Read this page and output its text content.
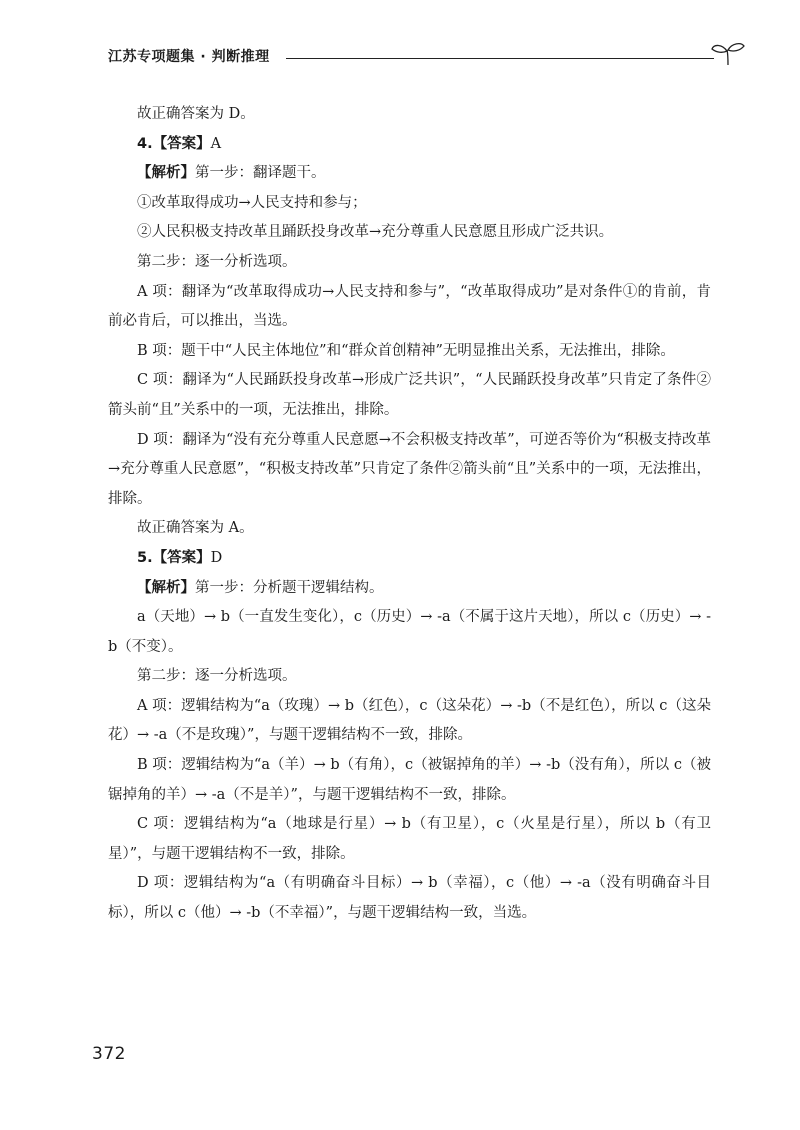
江苏专项题集 · 判断推理

故正确答案为 D。

4.【答案】A

【解析】第一步：翻译题干。

①改革取得成功→人民支持和参与；

②人民积极支持改革且踊跃投身改革→充分尊重人民意愿且形成广泛共识。

第二步：逐一分析选项。

A 项：翻译为“改革取得成功→人民支持和参与”，“改革取得成功”是对条件①的肯前，肯前必肯后，可以推出，当选。

B 项：题干中“人民主体地位”和“群众首创精神”无明显推出关系，无法推出，排除。

C 项：翻译为“人民踊跃投身改革→形成广泛共识”，“人民踊跃投身改革”只肯定了条件②箭头前“且”关系中的一项，无法推出，排除。

D 项：翻译为“没有充分尊重人民意愿→不会积极支持改革”，可逆否等价为“积极支持改革→充分尊重人民意愿”，“积极支持改革”只肯定了条件②箭头前“且”关系中的一项，无法推出，排除。

故正确答案为 A。

5.【答案】D

【解析】第一步：分析题干逻辑结构。

a（天地）→ b（一直发生变化），c（历史）→ -a（不属于这片天地），所以 c（历史）→ -b（不变）。

第二步：逐一分析选项。

A 项：逻辑结构为“a（玫瑰）→ b（红色），c（这朵花）→ -b（不是红色），所以 c（这朵花）→ -a（不是玫瑰）”，与题干逻辑结构不一致，排除。

B 项：逻辑结构为“a（羊）→ b（有角），c（被锯掉角的羊）→ -b（没有角），所以 c（被锯掉角的羊）→ -a（不是羊）”，与题干逻辑结构不一致，排除。

C 项：逻辑结构为“a（地球是行星）→ b（有卫星），c（火星是行星），所以 b（有卫星）”，与题干逻辑结构不一致，排除。

D 项：逻辑结构为“a（有明确奋斗目标）→ b（幸福），c（他）→ -a（没有明确奋斗目标），所以 c（他）→ -b（不幸福）”，与题干逻辑结构一致，当选。

372
